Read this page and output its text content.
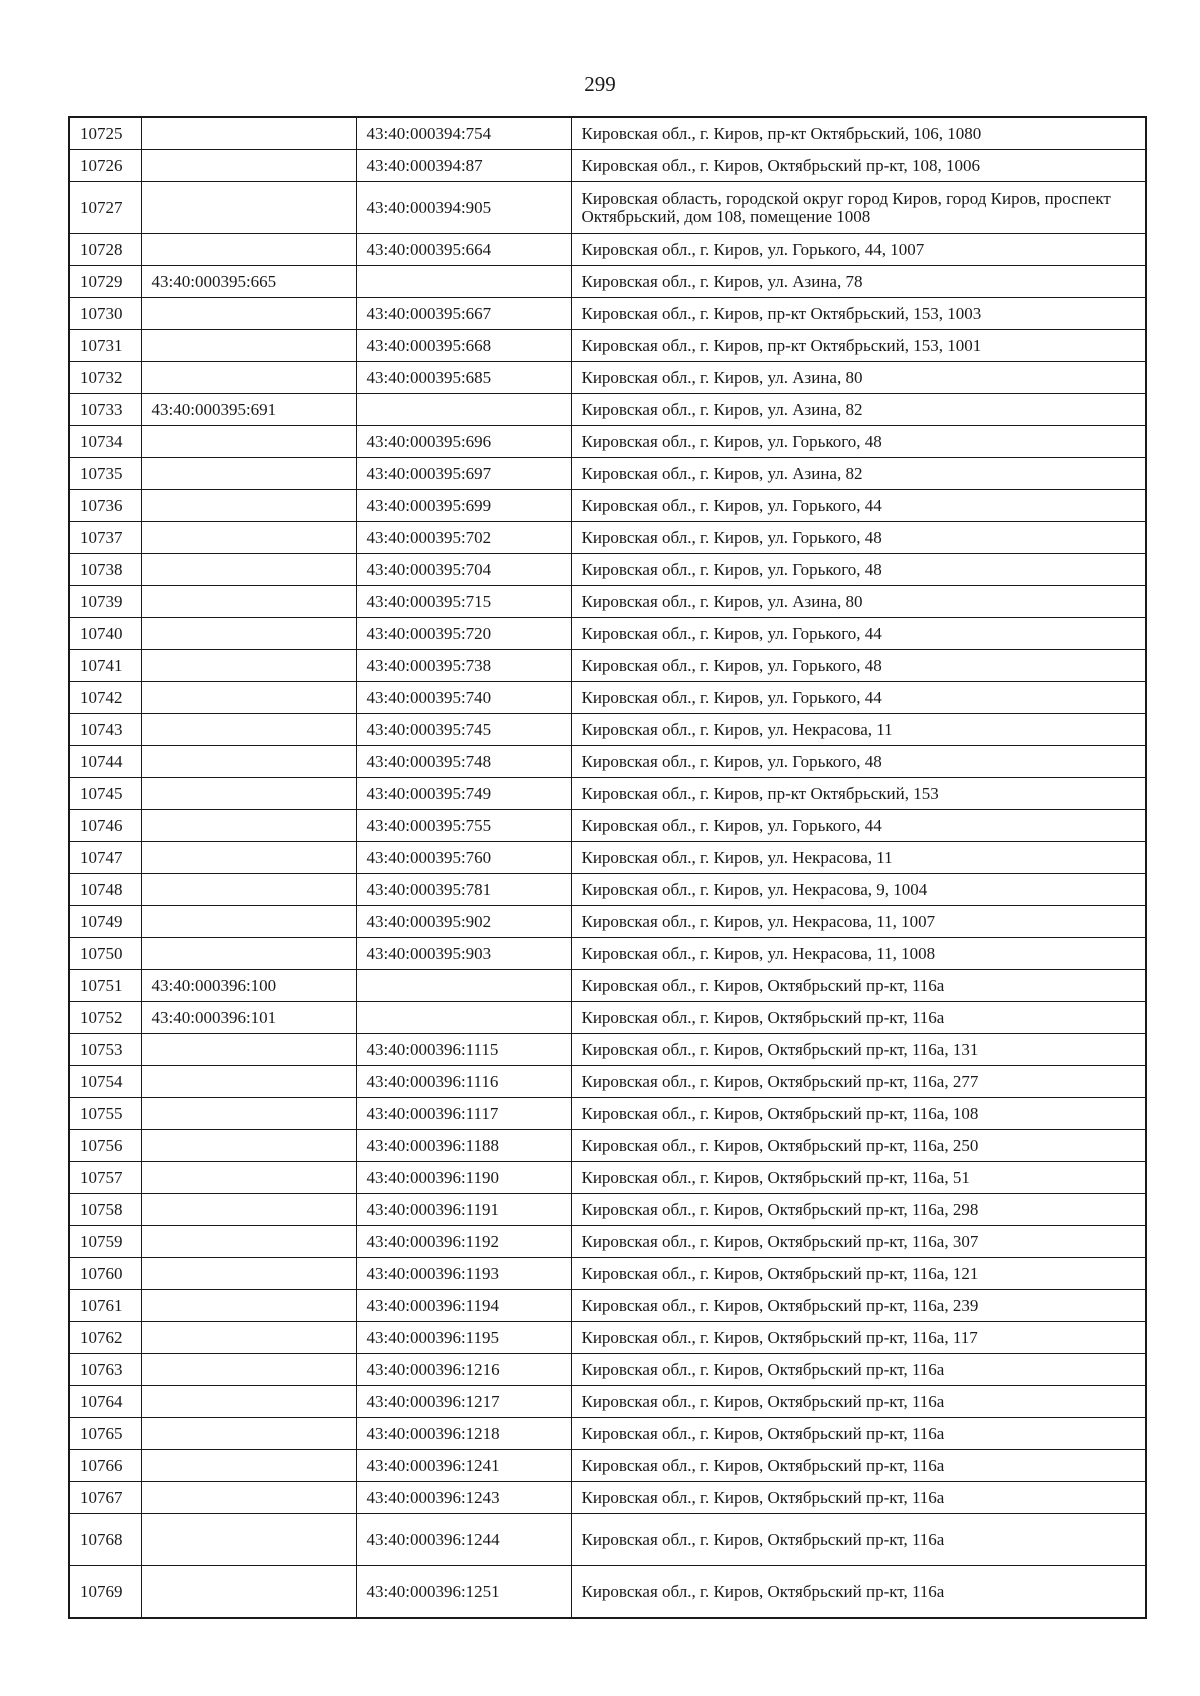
299
10725		43:40:000394:754	Кировская обл., г. Киров, пр-кт Октябрьский, 106, 1080
10726		43:40:000394:87	Кировская обл., г. Киров, Октябрьский пр-кт, 108, 1006
10727		43:40:000394:905	Кировская область, городской округ город Киров, город Киров, проспект Октябрьский, дом 108, помещение 1008
10728		43:40:000395:664	Кировская обл., г. Киров, ул. Горького, 44, 1007
10729	43:40:000395:665		Кировская обл., г. Киров, ул. Азина, 78
10730		43:40:000395:667	Кировская обл., г. Киров, пр-кт Октябрьский, 153, 1003
10731		43:40:000395:668	Кировская обл., г. Киров, пр-кт Октябрьский, 153, 1001
10732		43:40:000395:685	Кировская обл., г. Киров, ул. Азина, 80
10733	43:40:000395:691		Кировская обл., г. Киров, ул. Азина, 82
10734		43:40:000395:696	Кировская обл., г. Киров, ул. Горького, 48
10735		43:40:000395:697	Кировская обл., г. Киров, ул. Азина, 82
10736		43:40:000395:699	Кировская обл., г. Киров, ул. Горького, 44
10737		43:40:000395:702	Кировская обл., г. Киров, ул. Горького, 48
10738		43:40:000395:704	Кировская обл., г. Киров, ул. Горького, 48
10739		43:40:000395:715	Кировская обл., г. Киров, ул. Азина, 80
10740		43:40:000395:720	Кировская обл., г. Киров, ул. Горького, 44
10741		43:40:000395:738	Кировская обл., г. Киров, ул. Горького, 48
10742		43:40:000395:740	Кировская обл., г. Киров, ул. Горького, 44
10743		43:40:000395:745	Кировская обл., г. Киров, ул. Некрасова, 11
10744		43:40:000395:748	Кировская обл., г. Киров, ул. Горького, 48
10745		43:40:000395:749	Кировская обл., г. Киров, пр-кт Октябрьский, 153
10746		43:40:000395:755	Кировская обл., г. Киров, ул. Горького, 44
10747		43:40:000395:760	Кировская обл., г. Киров, ул. Некрасова, 11
10748		43:40:000395:781	Кировская обл., г. Киров, ул. Некрасова, 9, 1004
10749		43:40:000395:902	Кировская обл., г. Киров, ул. Некрасова, 11, 1007
10750		43:40:000395:903	Кировская обл., г. Киров, ул. Некрасова, 11, 1008
10751	43:40:000396:100		Кировская обл., г. Киров, Октябрьский пр-кт, 116а
10752	43:40:000396:101		Кировская обл., г. Киров, Октябрьский пр-кт, 116а
10753		43:40:000396:1115	Кировская обл., г. Киров, Октябрьский пр-кт, 116а, 131
10754		43:40:000396:1116	Кировская обл., г. Киров, Октябрьский пр-кт, 116а, 277
10755		43:40:000396:1117	Кировская обл., г. Киров, Октябрьский пр-кт, 116а, 108
10756		43:40:000396:1188	Кировская обл., г. Киров, Октябрьский пр-кт, 116а, 250
10757		43:40:000396:1190	Кировская обл., г. Киров, Октябрьский пр-кт, 116а, 51
10758		43:40:000396:1191	Кировская обл., г. Киров, Октябрьский пр-кт, 116а, 298
10759		43:40:000396:1192	Кировская обл., г. Киров, Октябрьский пр-кт, 116а, 307
10760		43:40:000396:1193	Кировская обл., г. Киров, Октябрьский пр-кт, 116а, 121
10761		43:40:000396:1194	Кировская обл., г. Киров, Октябрьский пр-кт, 116а, 239
10762		43:40:000396:1195	Кировская обл., г. Киров, Октябрьский пр-кт, 116а, 117
10763		43:40:000396:1216	Кировская обл., г. Киров, Октябрьский пр-кт, 116а
10764		43:40:000396:1217	Кировская обл., г. Киров, Октябрьский пр-кт, 116а
10765		43:40:000396:1218	Кировская обл., г. Киров, Октябрьский пр-кт, 116а
10766		43:40:000396:1241	Кировская обл., г. Киров, Октябрьский пр-кт, 116а
10767		43:40:000396:1243	Кировская обл., г. Киров, Октябрьский пр-кт, 116а
10768		43:40:000396:1244	Кировская обл., г. Киров, Октябрьский пр-кт, 116а
10769		43:40:000396:1251	Кировская обл., г. Киров, Октябрьский пр-кт, 116а
